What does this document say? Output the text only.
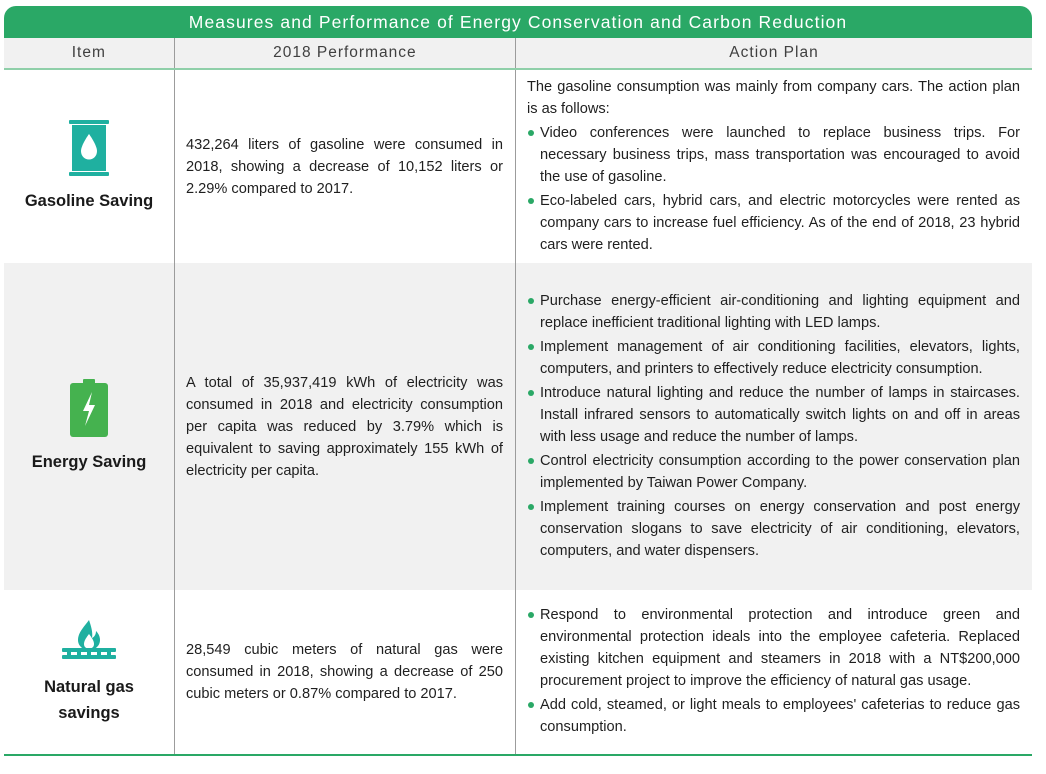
Measures and Performance of Energy Conservation and Carbon Reduction
Item	2018 Performance	Action Plan
Gasoline Saving

432,264 liters of gasoline were consumed in 2018, showing a decrease of 10,152 liters or 2.29% compared to 2017.

The gasoline consumption was mainly from company cars. The action plan is as follows:

Video conferences were launched to replace business trips. For necessary business trips, mass transportation was encouraged to avoid the use of gasoline.
Eco-labeled cars, hybrid cars, and electric motorcycles were rented as company cars to increase fuel efficiency. As of the end of 2018, 23 hybrid cars were rented.
Energy Saving

A total of 35,937,419 kWh of electricity was consumed in 2018 and electricity consumption per capita was reduced by 3.79% which is equivalent to saving approximately 155 kWh of electricity per capita.

Purchase energy-efficient air-conditioning and lighting equipment and replace inefficient traditional lighting with LED lamps.
Implement management of air conditioning facilities, elevators, lights, computers, and printers to effectively reduce electricity consumption.
Introduce natural lighting and reduce the number of lamps in staircases. Install infrared sensors to automatically switch lights on and off in areas with less usage and reduce the number of lamps.
Control electricity consumption according to the power conservation plan implemented by Taiwan Power Company.
Implement training courses on energy conservation and post energy conservation slogans to save electricity of air conditioning, elevators, computers, and water dispensers.
Natural gas
savings

28,549 cubic meters of natural gas were consumed in 2018, showing a decrease of 250 cubic meters or 0.87% compared to 2017.

Respond to environmental protection and introduce green and environmental protection ideals into the employee cafeteria. Replaced existing kitchen equipment and steamers in 2018 with a NT$200,000 procurement project to improve the efficiency of natural gas usage.
Add cold, steamed, or light meals to employees' cafeterias to reduce gas consumption.
